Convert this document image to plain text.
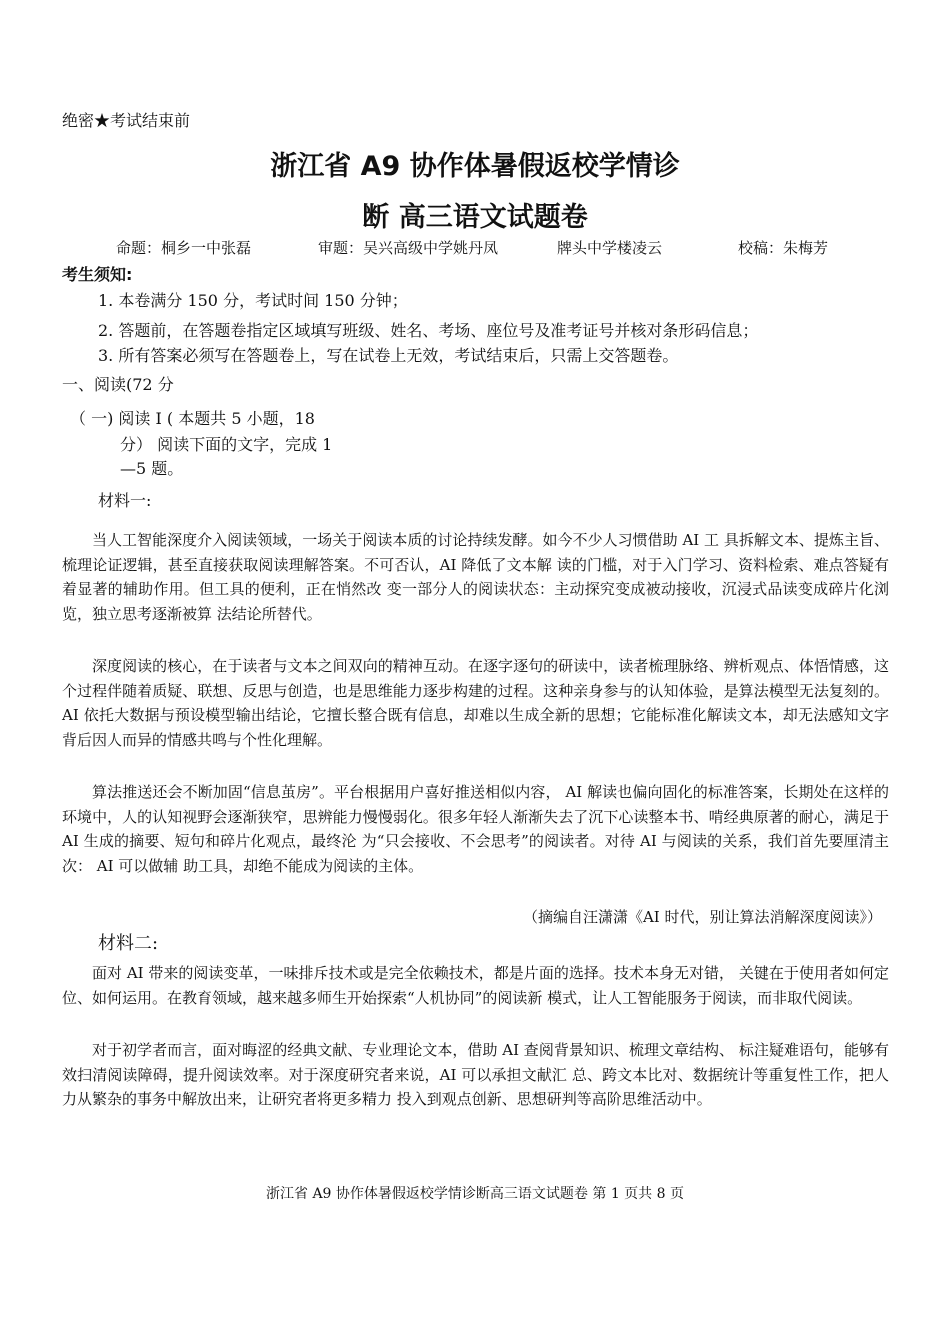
绝密★考试结束前
浙江省 A9 协作体暑假返校学情诊
断 高三语文试题卷
命题：桐乡一中张磊	审题：吴兴高级中学姚丹凤	牌头中学楼凌云	校稿：朱梅芳
考生须知:
1. 本卷满分 150 分，考试时间 150 分钟；
2. 答题前，在答题卷指定区域填写班级、姓名、考场、座位号及准考证号并核对条形码信息；
3. 所有答案必须写在答题卷上，写在试卷上无效，考试结束后，只需上交答题卷。
一、阅读(72 分
（ 一) 阅读 I ( 本题共 5 小题，18
分） 阅读下面的文字，完成 1
—5 题。
材料一:

当人工智能深度介入阅读领域，一场关于阅读本质的讨论持续发酵。如今不少人习惯借助 AI 工 具拆解文本、提炼主旨、梳理论证逻辑，甚至直接获取阅读理解答案。不可否认，AI 降低了文本解 读的门槛，对于入门学习、资料检索、难点答疑有着显著的辅助作用。但工具的便利，正在悄然改 变一部分人的阅读状态：主动探究变成被动接收，沉浸式品读变成碎片化浏览，独立思考逐渐被算 法结论所替代。

深度阅读的核心，在于读者与文本之间双向的精神互动。在逐字逐句的研读中，读者梳理脉络、辨析观点、体悟情感，这个过程伴随着质疑、联想、反思与创造，也是思维能力逐步构建的过程。这种亲身参与的认知体验，是算法模型无法复刻的。 AI 依托大数据与预设模型输出结论，它擅长整合既有信息，却难以生成全新的思想；它能标准化解读文本，却无法感知文字背后因人而异的情感共鸣与个性化理解。

算法推送还会不断加固“信息茧房”。平台根据用户喜好推送相似内容， AI 解读也偏向固化的标准答案，长期处在这样的环境中，人的认知视野会逐渐狭窄，思辨能力慢慢弱化。很多年轻人渐渐失去了沉下心读整本书、啃经典原著的耐心，满足于 AI 生成的摘要、短句和碎片化观点，最终沦 为“只会接收、不会思考”的阅读者。对待 AI 与阅读的关系，我们首先要厘清主次： AI 可以做辅 助工具，却绝不能成为阅读的主体。

（摘编自汪潇潇《AI 时代，别让算法消解深度阅读》）
材料二:

面对 AI 带来的阅读变革，一味排斥技术或是完全依赖技术，都是片面的选择。技术本身无对错， 关键在于使用者如何定位、如何运用。在教育领域，越来越多师生开始探索“人机协同”的阅读新 模式，让人工智能服务于阅读，而非取代阅读。

对于初学者而言，面对晦涩的经典文献、专业理论文本，借助 AI 查阅背景知识、梳理文章结构、 标注疑难语句，能够有效扫清阅读障碍，提升阅读效率。对于深度研究者来说，AI 可以承担文献汇 总、跨文本比对、数据统计等重复性工作，把人力从繁杂的事务中解放出来，让研究者将更多精力 投入到观点创新、思想研判等高阶思维活动中。

浙江省 A9 协作体暑假返校学情诊断高三语文试题卷 第 1 页共 8 页
